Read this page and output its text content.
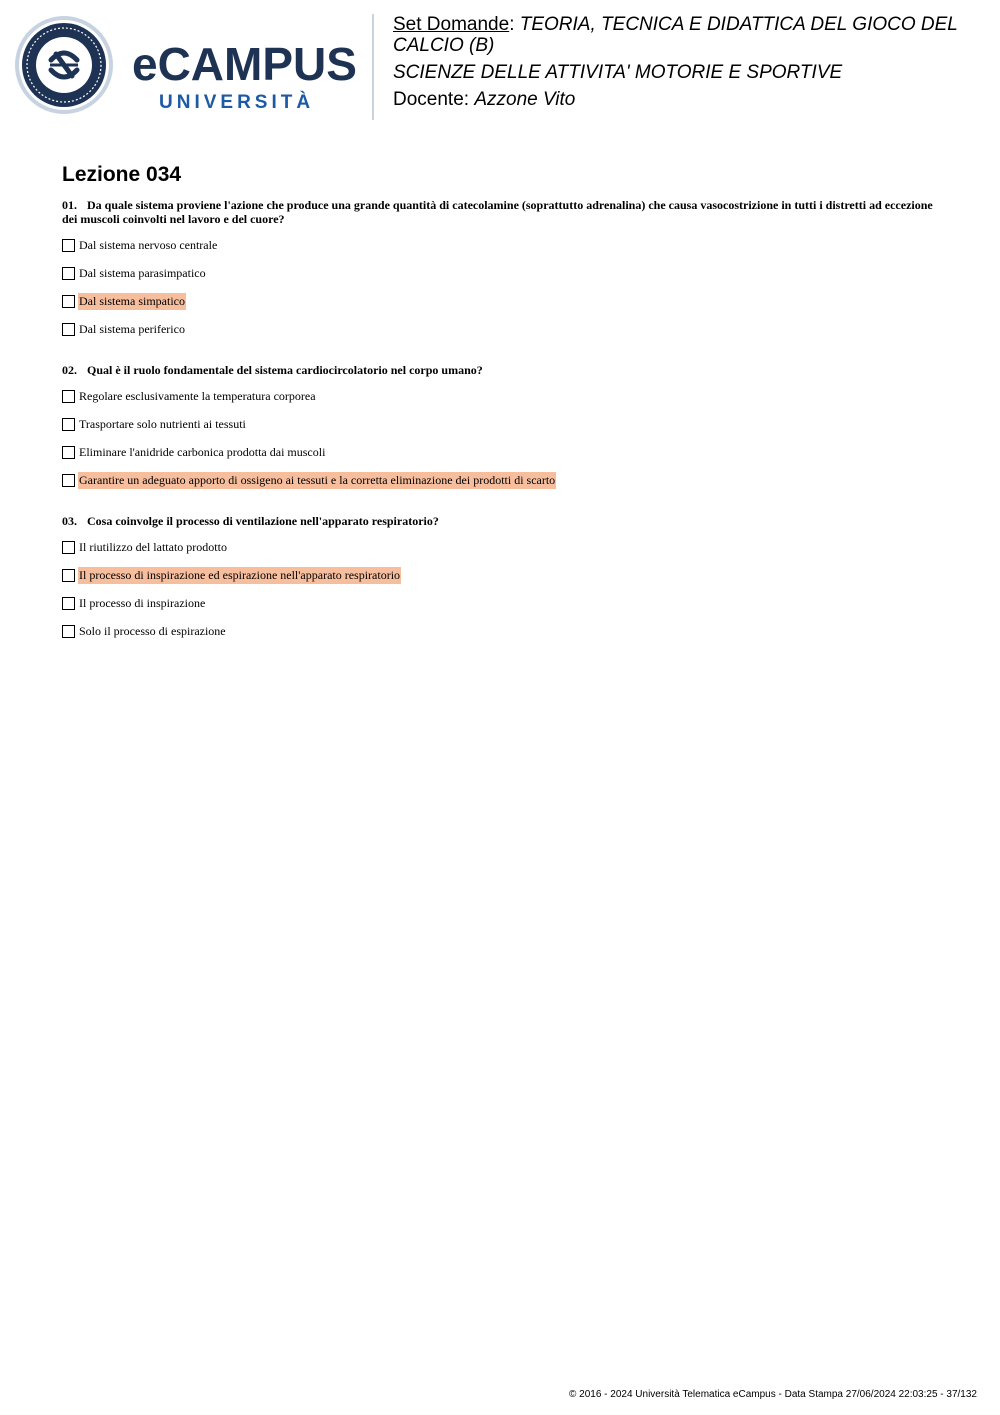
eCAMPUS
UNIVERSITÀ
Set Domande: TEORIA, TECNICA E DIDATTICA DEL GIOCO DEL CALCIO (B)
SCIENZE DELLE ATTIVITA' MOTORIE E SPORTIVE
Docente: Azzone Vito
Lezione 034

01. Da quale sistema proviene l'azione che produce una grande quantità di catecolamine (soprattutto adrenalina) che causa vasocostrizione in tutti i distretti ad eccezione dei muscoli coinvolti nel lavoro e del cuore?

Dal sistema nervoso centrale
Dal sistema parasimpatico
Dal sistema simpatico
Dal sistema periferico

02. Qual è il ruolo fondamentale del sistema cardiocircolatorio nel corpo umano?

Regolare esclusivamente la temperatura corporea
Trasportare solo nutrienti ai tessuti
Eliminare l'anidride carbonica prodotta dai muscoli
Garantire un adeguato apporto di ossigeno ai tessuti e la corretta eliminazione dei prodotti di scarto

03. Cosa coinvolge il processo di ventilazione nell'apparato respiratorio?

Il riutilizzo del lattato prodotto
Il processo di inspirazione ed espirazione nell'apparato respiratorio
Il processo di inspirazione
Solo il processo di espirazione
© 2016 - 2024 Università Telematica eCampus - Data Stampa 27/06/2024 22:03:25 - 37/132
